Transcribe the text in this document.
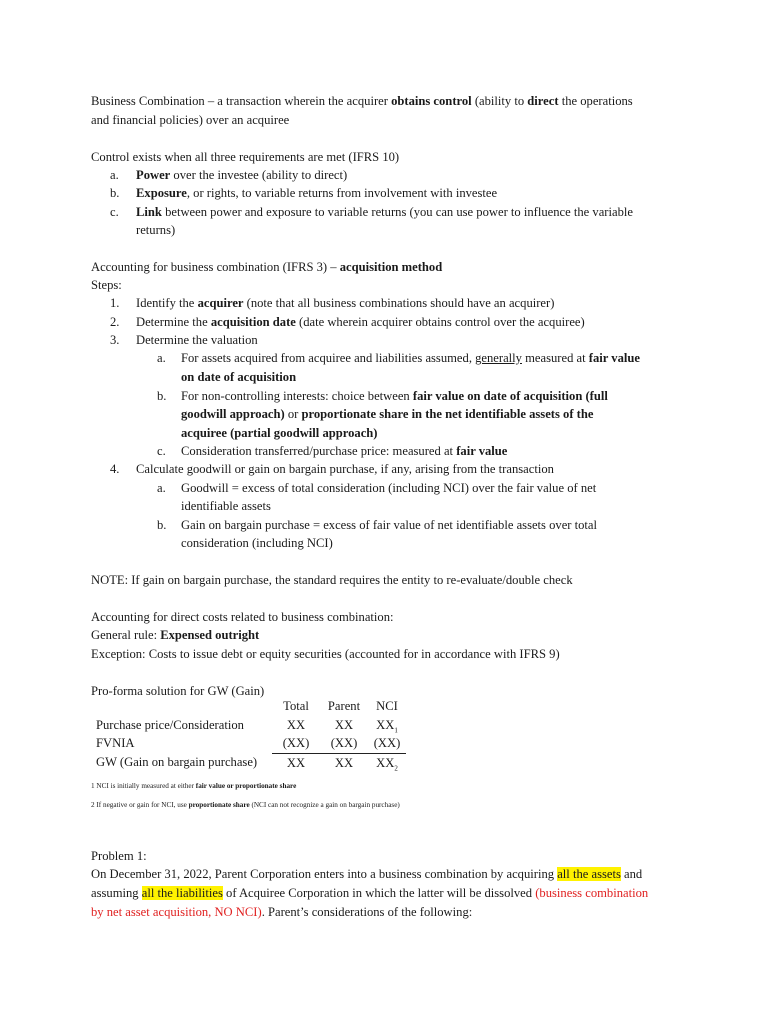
Business Combination – a transaction wherein the acquirer obtains control (ability to direct the operations
and financial policies) over an acquiree
Control exists when all three requirements are met (IFRS 10)
a. Power over the investee (ability to direct)
b. Exposure, or rights, to variable returns from involvement with investee
c. Link between power and exposure to variable returns (you can use power to influence the variable
returns)
Accounting for business combination (IFRS 3) – acquisition method
Steps:
1. Identify the acquirer (note that all business combinations should have an acquirer)
2. Determine the acquisition date (date wherein acquirer obtains control over the acquiree)
3. Determine the valuation
a. For assets acquired from acquiree and liabilities assumed, generally measured at fair value
on date of acquisition
b. For non-controlling interests: choice between fair value on date of acquisition (full
goodwill approach) or proportionate share in the net identifiable assets of the
acquiree (partial goodwill approach)
c. Consideration transferred/purchase price: measured at fair value
4. Calculate goodwill or gain on bargain purchase, if any, arising from the transaction
a. Goodwill = excess of total consideration (including NCI) over the fair value of net
identifiable assets
b. Gain on bargain purchase = excess of fair value of net identifiable assets over total
consideration (including NCI)
NOTE: If gain on bargain purchase, the standard requires the entity to re-evaluate/double check
Accounting for direct costs related to business combination:
General rule: Expensed outright
Exception: Costs to issue debt or equity securities (accounted for in accordance with IFRS 9)
Pro-forma solution for GW (Gain)
	Total	Parent	NCI
Purchase price/Consideration	XX	XX	$XX_1$
FVNIA	(XX)	(XX)	(XX)
GW (Gain on bargain purchase)	XX	XX	$XX_2$
1 NCI is initially measured at either fair value or proportionate share
2 If negative or gain for NCI, use proportionate share (NCI can not recognize a gain on bargain purchase)
Problem 1:
On December 31, 2022, Parent Corporation enters into a business combination by acquiring all the assets and
assuming all the liabilities of Acquiree Corporation in which the latter will be dissolved (business combination
by net asset acquisition, NO NCI). Parent’s considerations of the following:
